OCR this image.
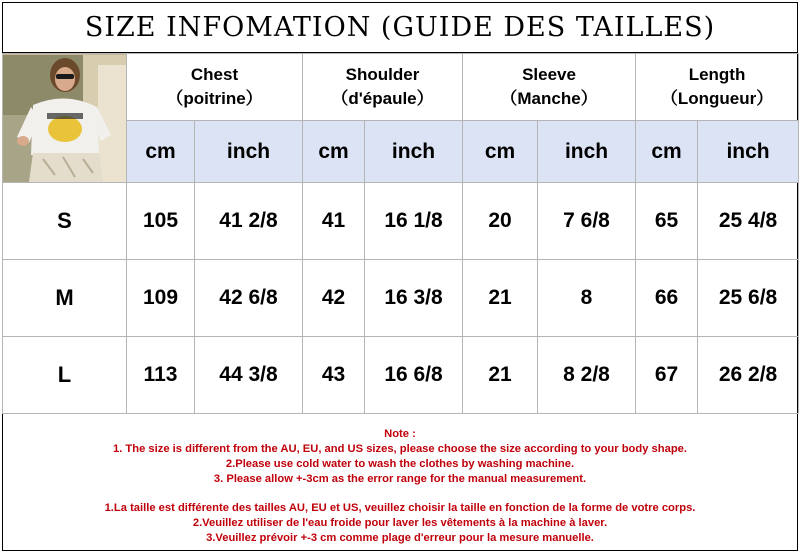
SIZE INFOMATION (GUIDE DES TAILLES)
	Chest
（poitrine）		Shoulder
（d'épaule）		Sleeve
（Manche）		Length
（Longueur）	
	cm	inch	cm	inch	cm	inch	cm	inch
S	105	41 2/8	41	16 1/8	20	7 6/8	65	25 4/8
M	109	42 6/8	42	16 3/8	21	8	66	25 6/8
L	113	44 3/8	43	16 6/8	21	8 2/8	67	26 2/8
Note :
1. The size is different from the AU, EU, and US sizes, please choose the size according to your body shape.
2.Please use cold water to wash the clothes by washing machine.
3. Please allow +-3cm as the error range for the manual measurement.
1.La taille est différente des tailles AU, EU et US, veuillez choisir la taille en fonction de la forme de votre corps.
2.Veuillez utiliser de l'eau froide pour laver les vêtements à la machine à laver.
3.Veuillez prévoir +-3 cm comme plage d'erreur pour la mesure manuelle.
